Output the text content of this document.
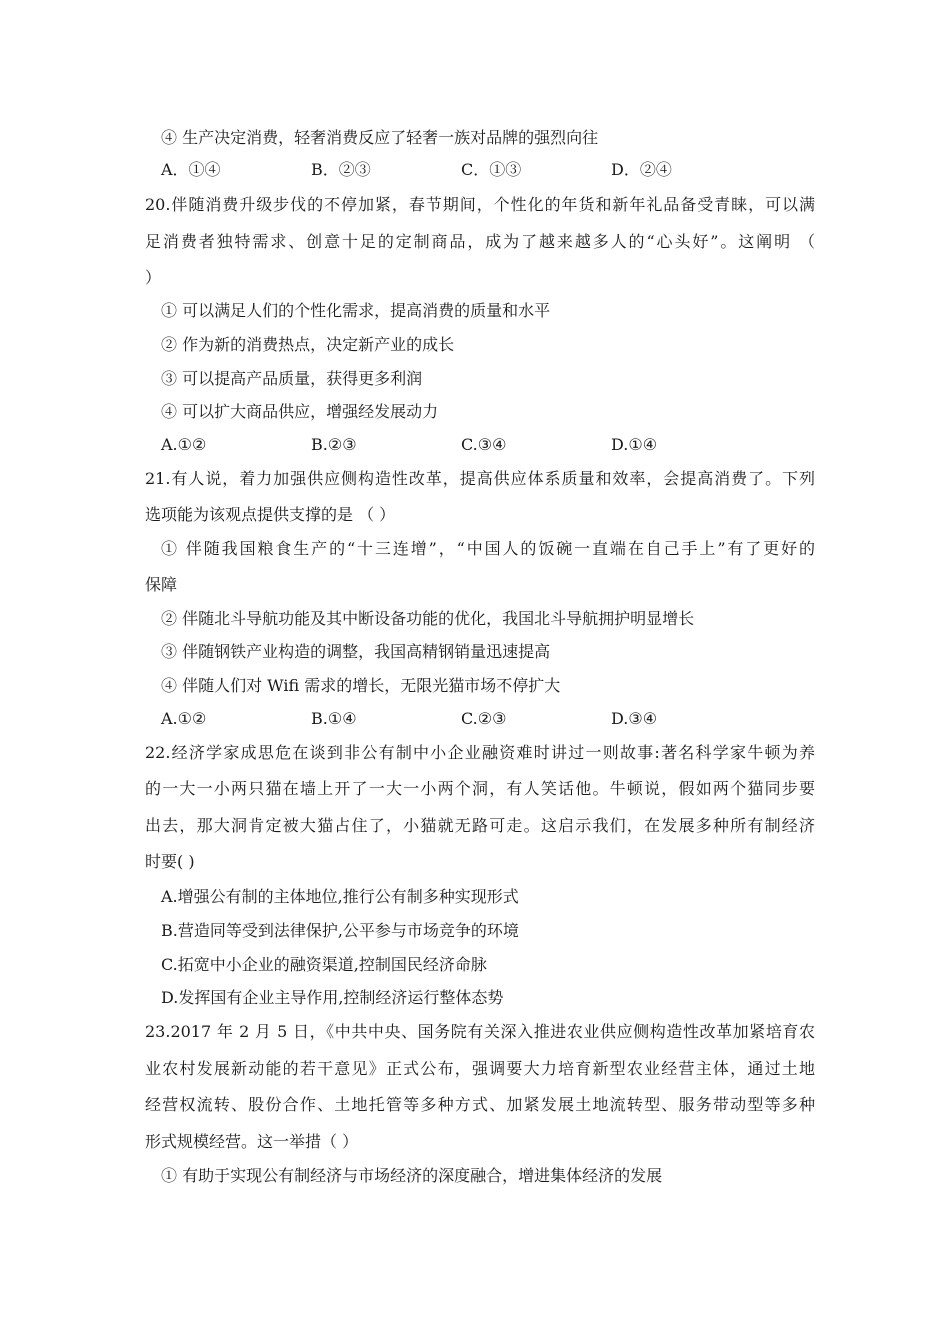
④ 生产决定消费，轻奢消费反应了轻奢一族对品牌的强烈向往
A．①④	B．②③	C．①③	D．②④
20.伴随消费升级步伐的不停加紧，春节期间，个性化的年货和新年礼品备受青睐，可以满
足消费者独特需求、创意十足的定制商品，成为了越来越多人的“心头好”。这阐明 （
）
① 可以满足人们的个性化需求，提高消费的质量和水平
② 作为新的消费热点，决定新产业的成长
③ 可以提高产品质量，获得更多利润
④ 可以扩大商品供应，增强经发展动力
A.①②	B.②③	C.③④	D.①④
21.有人说，着力加强供应侧构造性改革，提高供应体系质量和效率，会提高消费了。下列
选项能为该观点提供支撑的是 （ ）
① 伴随我国粮食生产的“十三连增”，“中国人的饭碗一直端在自己手上”有了更好的
保障
② 伴随北斗导航功能及其中断设备功能的优化，我国北斗导航拥护明显增长
③ 伴随钢铁产业构造的调整，我国高精钢销量迅速提高
④ 伴随人们对 Wifi 需求的增长，无限光猫市场不停扩大
A.①②	B.①④	C.②③	D.③④
22.经济学家成思危在谈到非公有制中小企业融资难时讲过一则故事:著名科学家牛顿为养
的一大一小两只猫在墙上开了一大一小两个洞，有人笑话他。牛顿说，假如两个猫同步要
出去，那大洞肯定被大猫占住了，小猫就无路可走。这启示我们，在发展多种所有制经济
时要( )
A.增强公有制的主体地位,推行公有制多种实现形式
B.营造同等受到法律保护,公平参与市场竞争的环境
C.拓宽中小企业的融资渠道,控制国民经济命脉
D.发挥国有企业主导作用,控制经济运行整体态势
23.2017 年 2 月 5 日，《中共中央、国务院有关深入推进农业供应侧构造性改革加紧培育农
业农村发展新动能的若干意见》正式公布，强调要大力培育新型农业经营主体，通过土地
经营权流转、股份合作、土地托管等多种方式、加紧发展土地流转型、服务带动型等多种
形式规模经营。这一举措（ ）
① 有助于实现公有制经济与市场经济的深度融合，增进集体经济的发展
